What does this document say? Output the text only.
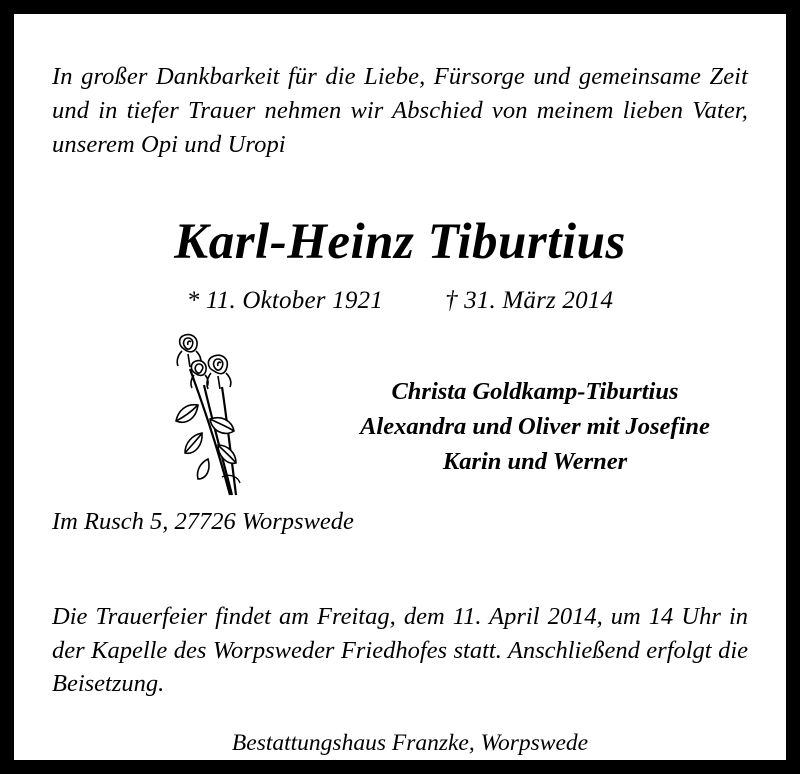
In großer Dankbarkeit für die Liebe, Fürsorge und gemeinsame Zeit und in tiefer Trauer nehmen wir Abschied von meinem lieben Vater, unserem Opi und Uropi

Karl-Heinz Tiburtius
* 11. Oktober 1921 † 31. März 2014
Christa Goldkamp-Tiburtius
Alexandra und Oliver mit Josefine
Karin und Werner

Im Rusch 5, 27726 Worpswede

Die Trauerfeier findet am Freitag, dem 11. April 2014, um 14 Uhr in der Kapelle des Worpsweder Friedhofes statt. Anschließend erfolgt die Beisetzung.

Bestattungshaus Franzke, Worpswede
